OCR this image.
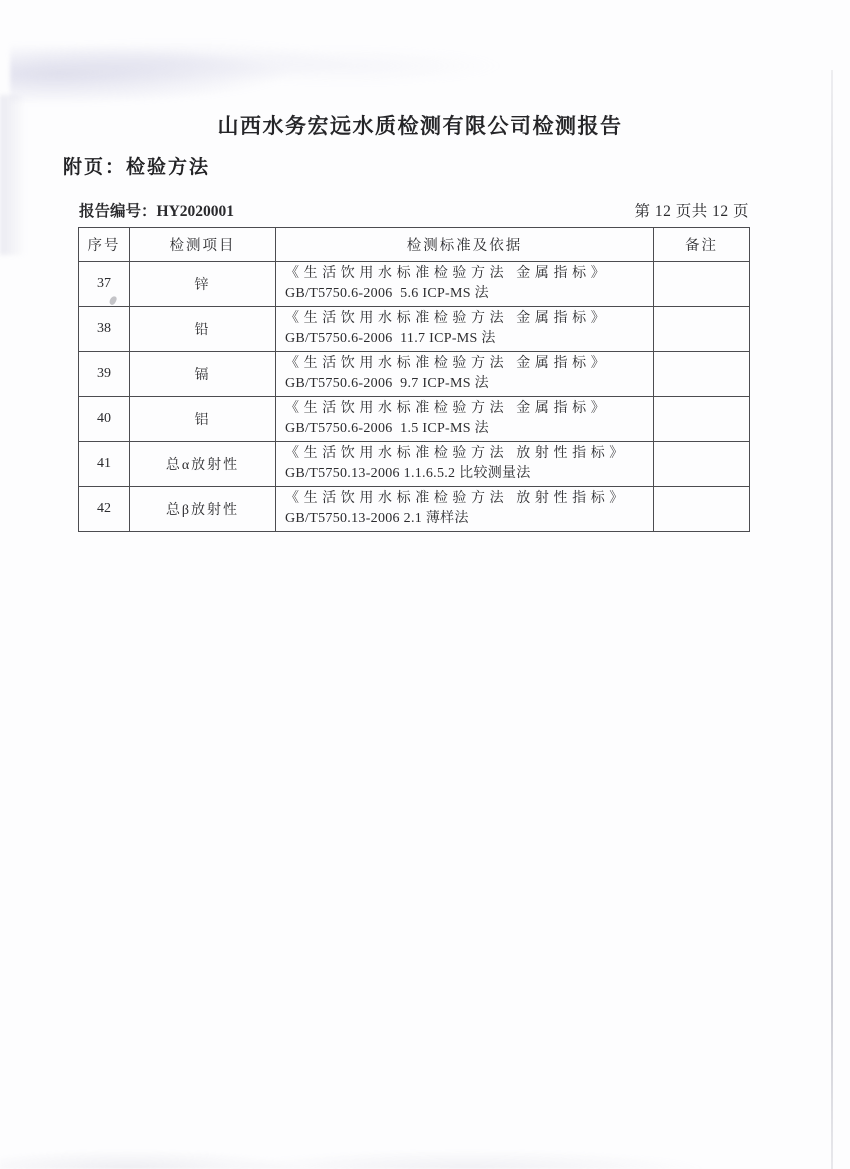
山西水务宏远水质检测有限公司检测报告
附页：检验方法
报告编号：HY2020001	第 12 页共 12 页
序号	检测项目	检测标准及依据	备注
37	锌	《生活饮用水标准检验方法 金属指标》
GB/T5750.6-2006  5.6 ICP-MS 法	

38	铅	《生活饮用水标准检验方法 金属指标》
GB/T5750.6-2006  11.7 ICP-MS 法	

39	镉	《生活饮用水标准检验方法 金属指标》
GB/T5750.6-2006  9.7 ICP-MS 法	

40	铝	《生活饮用水标准检验方法 金属指标》
GB/T5750.6-2006  1.5 ICP-MS 法	

41	总α放射性	《生活饮用水标准检验方法 放射性指标》
GB/T5750.13-2006 1.1.6.5.2 比较测量法	

42	总β放射性	《生活饮用水标准检验方法 放射性指标》
GB/T5750.13-2006 2.1 薄样法	
